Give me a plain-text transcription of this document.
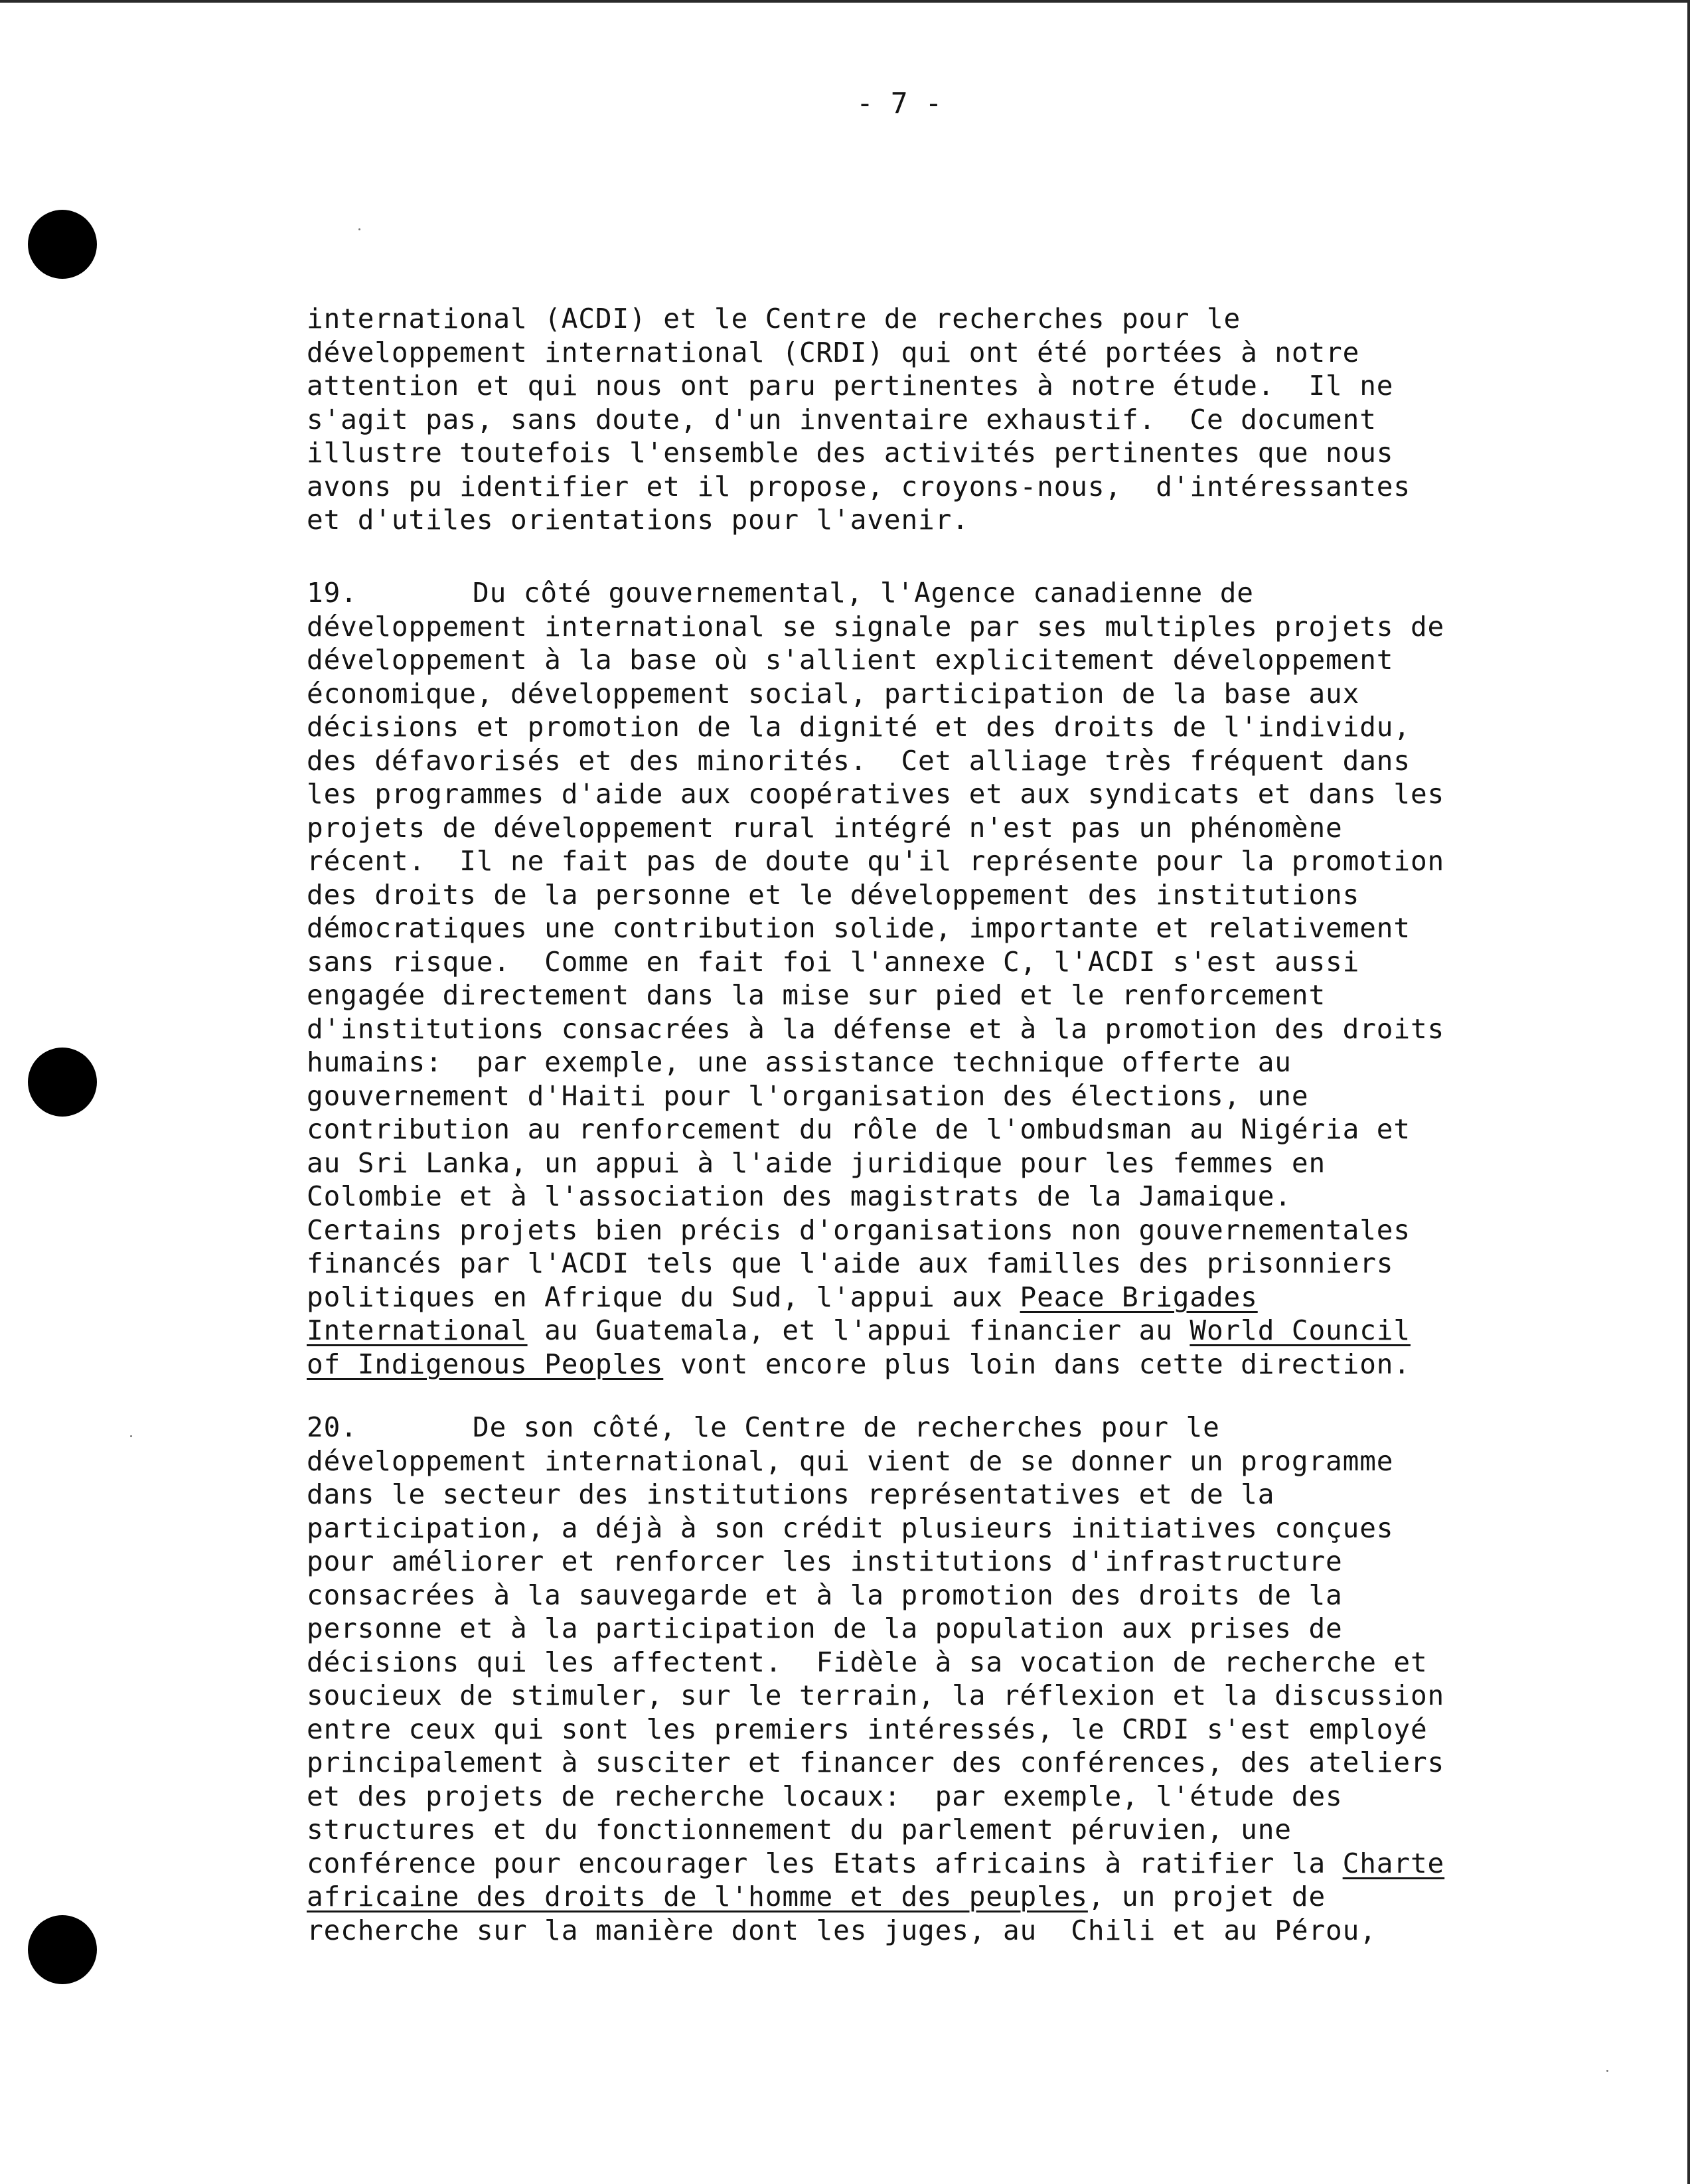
- 7 -
international (ACDI) et le Centre de recherches pour le
développement international (CRDI) qui ont été portées à notre
attention et qui nous ont paru pertinentes à notre étude.  Il ne
s'agit pas, sans doute, d'un inventaire exhaustif.  Ce document
illustre toutefois l'ensemble des activités pertinentes que nous
avons pu identifier et il propose, croyons-nous,  d'intéressantes
et d'utiles orientations pour l'avenir.
19.	Du côté gouvernemental, l'Agence canadienne de
développement international se signale par ses multiples projets de
développement à la base où s'allient explicitement développement
économique, développement social, participation de la base aux
décisions et promotion de la dignité et des droits de l'individu,
des défavorisés et des minorités.  Cet alliage très fréquent dans
les programmes d'aide aux coopératives et aux syndicats et dans les
projets de développement rural intégré n'est pas un phénomène
récent.  Il ne fait pas de doute qu'il représente pour la promotion
des droits de la personne et le développement des institutions
démocratiques une contribution solide, importante et relativement
sans risque.  Comme en fait foi l'annexe C, l'ACDI s'est aussi
engagée directement dans la mise sur pied et le renforcement
d'institutions consacrées à la défense et à la promotion des droits
humains:  par exemple, une assistance technique offerte au
gouvernement d'Haiti pour l'organisation des élections, une
contribution au renforcement du rôle de l'ombudsman au Nigéria et
au Sri Lanka, un appui à l'aide juridique pour les femmes en
Colombie et à l'association des magistrats de la Jamaique.
Certains projets bien précis d'organisations non gouvernementales
financés par l'ACDI tels que l'aide aux familles des prisonniers
politiques en Afrique du Sud, l'appui aux Peace Brigades
International au Guatemala, et l'appui financier au World Council
of Indigenous Peoples vont encore plus loin dans cette direction.
20.	De son côté, le Centre de recherches pour le
développement international, qui vient de se donner un programme
dans le secteur des institutions représentatives et de la
participation, a déjà à son crédit plusieurs initiatives conçues
pour améliorer et renforcer les institutions d'infrastructure
consacrées à la sauvegarde et à la promotion des droits de la
personne et à la participation de la population aux prises de
décisions qui les affectent.  Fidèle à sa vocation de recherche et
soucieux de stimuler, sur le terrain, la réflexion et la discussion
entre ceux qui sont les premiers intéressés, le CRDI s'est employé
principalement à susciter et financer des conférences, des ateliers
et des projets de recherche locaux:  par exemple, l'étude des
structures et du fonctionnement du parlement péruvien, une
conférence pour encourager les Etats africains à ratifier la Charte
africaine des droits de l'homme et des peuples, un projet de
recherche sur la manière dont les juges, au  Chili et au Pérou,
